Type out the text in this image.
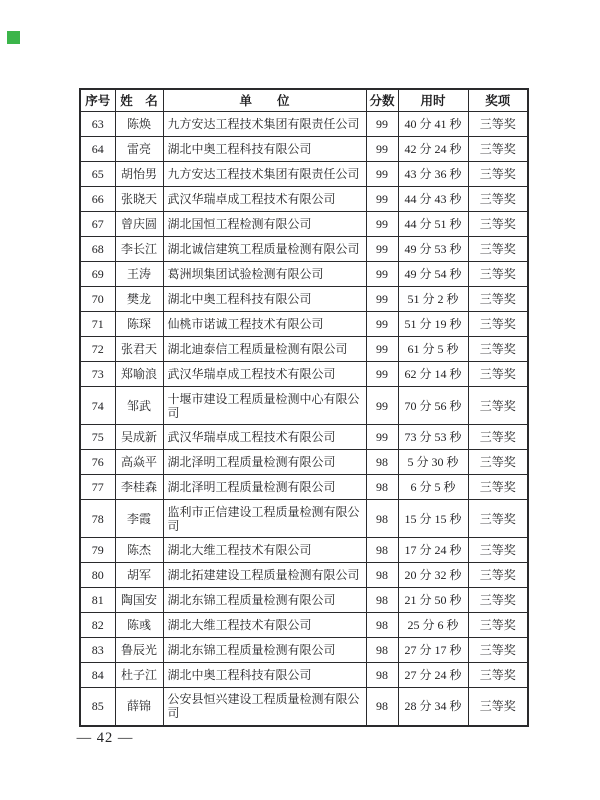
序号	姓　名	单　　位	分数	用时	奖项
63	陈焕	九方安达工程技术集团有限责任公司	99	40 分 41 秒	三等奖
64	雷亮	湖北中奥工程科技有限公司	99	42 分 24 秒	三等奖
65	胡怡男	九方安达工程技术集团有限责任公司	99	43 分 36 秒	三等奖
66	张晓天	武汉华瑞卓成工程技术有限公司	99	44 分 43 秒	三等奖
67	曾庆圆	湖北国恒工程检测有限公司	99	44 分 51 秒	三等奖
68	李长江	湖北诚信建筑工程质量检测有限公司	99	49 分 53 秒	三等奖
69	王涛	葛洲坝集团试验检测有限公司	99	49 分 54 秒	三等奖
70	樊龙	湖北中奥工程科技有限公司	99	51 分 2 秒	三等奖
71	陈琛	仙桃市诺诚工程技术有限公司	99	51 分 19 秒	三等奖
72	张君天	湖北迪泰信工程质量检测有限公司	99	61 分 5 秒	三等奖
73	郑喻浪	武汉华瑞卓成工程技术有限公司	99	62 分 14 秒	三等奖
74	邹武	十堰市建设工程质量检测中心有限公司	99	70 分 56 秒	三等奖
75	吴成新	武汉华瑞卓成工程技术有限公司	99	73 分 53 秒	三等奖
76	高焱平	湖北泽明工程质量检测有限公司	98	5 分 30 秒	三等奖
77	李桂森	湖北泽明工程质量检测有限公司	98	6 分 5 秒	三等奖
78	李霞	监利市正信建设工程质量检测有限公司	98	15 分 15 秒	三等奖
79	陈杰	湖北大维工程技术有限公司	98	17 分 24 秒	三等奖
80	胡军	湖北拓建建设工程质量检测有限公司	98	20 分 32 秒	三等奖
81	陶国安	湖北东锦工程质量检测有限公司	98	21 分 50 秒	三等奖
82	陈彧	湖北大维工程技术有限公司	98	25 分 6 秒	三等奖
83	鲁辰光	湖北东锦工程质量检测有限公司	98	27 分 17 秒	三等奖
84	杜子江	湖北中奥工程科技有限公司	98	27 分 24 秒	三等奖
85	薛锦	公安县恒兴建设工程质量检测有限公司	98	28 分 34 秒	三等奖
— 42 —
